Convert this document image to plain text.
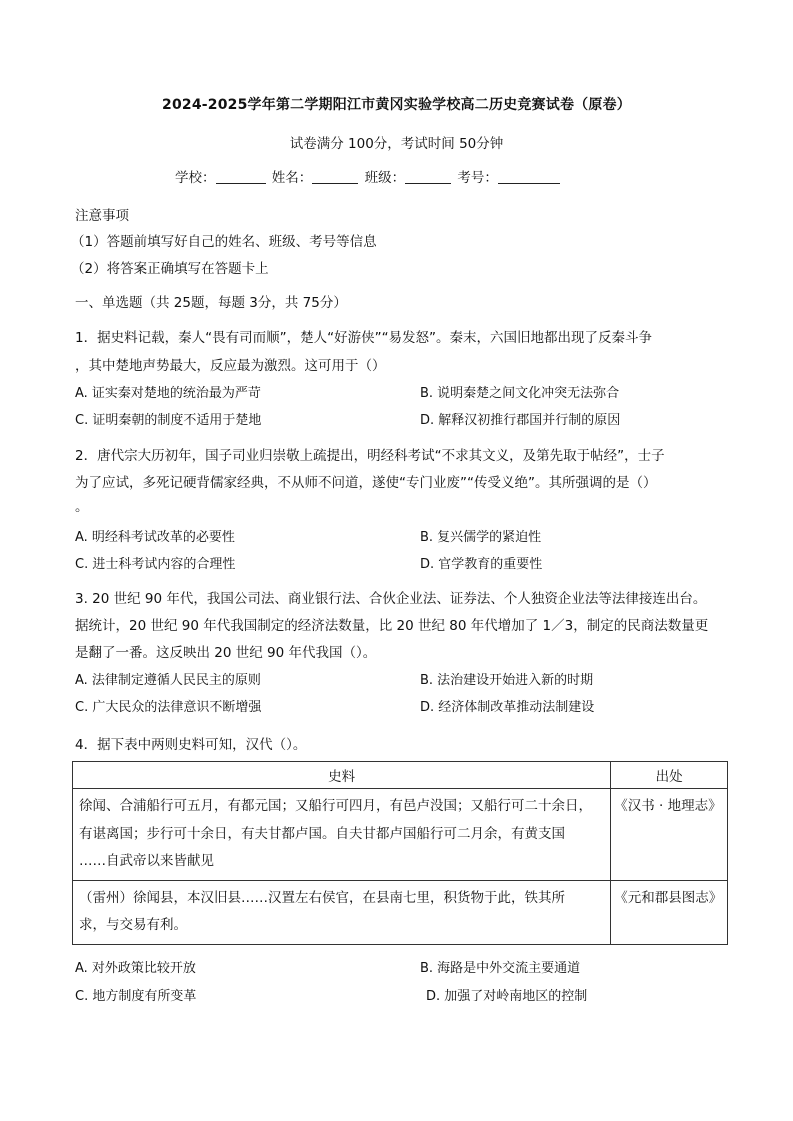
2024-2025学年第二学期阳江市黄冈实验学校高二历史竞赛试卷（原卷）
试卷满分 100分，考试时间 50分钟
学校：	姓名：	班级：	考号：
注意事项
（1）答题前填写好自己的姓名、班级、考号等信息
（2）将答案正确填写在答题卡上
一、单选题（共 25题，每题 3分，共 75分）
1．据史料记载，秦人“畏有司而顺”，楚人“好游侠”“易发怒”。秦末，六国旧地都出现了反秦斗争
，其中楚地声势最大，反应最为激烈。这可用于（）
A. 证实秦对楚地的统治最为严苛	B. 说明秦楚之间文化冲突无法弥合
C. 证明秦朝的制度不适用于楚地	D. 解释汉初推行郡国并行制的原因
2．唐代宗大历初年，国子司业归崇敬上疏提出，明经科考试“不求其文义，及第先取于帖经”，士子
为了应试，多死记硬背儒家经典，不从师不问道，遂使“专门业废”“传受义绝”。其所强调的是（）
。
A. 明经科考试改革的必要性	B. 复兴儒学的紧迫性
C. 进士科考试内容的合理性	D. 官学教育的重要性
3. 20 世纪 90 年代，我国公司法、商业银行法、合伙企业法、证券法、个人独资企业法等法律接连出台。
据统计，20 世纪 90 年代我国制定的经济法数量，比 20 世纪 80 年代增加了 1／3，制定的民商法数量更
是翻了一番。这反映出 20 世纪 90 年代我国（）。
A. 法律制定遵循人民民主的原则	B. 法治建设开始进入新的时期
C. 广大民众的法律意识不断增强	D. 经济体制改革推动法制建设
4．据下表中两则史料可知，汉代（）。
史料	出处

徐闻、合浦船行可五月，有都元国；又船行可四月，有邑卢没国；又船行可二十余日，
有谌离国；步行可十余日，有夫甘都卢国。自夫甘都卢国船行可二月余，有黄支国
……自武帝以来皆献见	《汉书 · 地理志》

（雷州）徐闻县，本汉旧县……汉置左右侯官，在县南七里，积货物于此，铁其所
求，与交易有利。	《元和郡县图志》
A. 对外政策比较开放	B. 海路是中外交流主要通道
C. 地方制度有所变革	D. 加强了对岭南地区的控制
